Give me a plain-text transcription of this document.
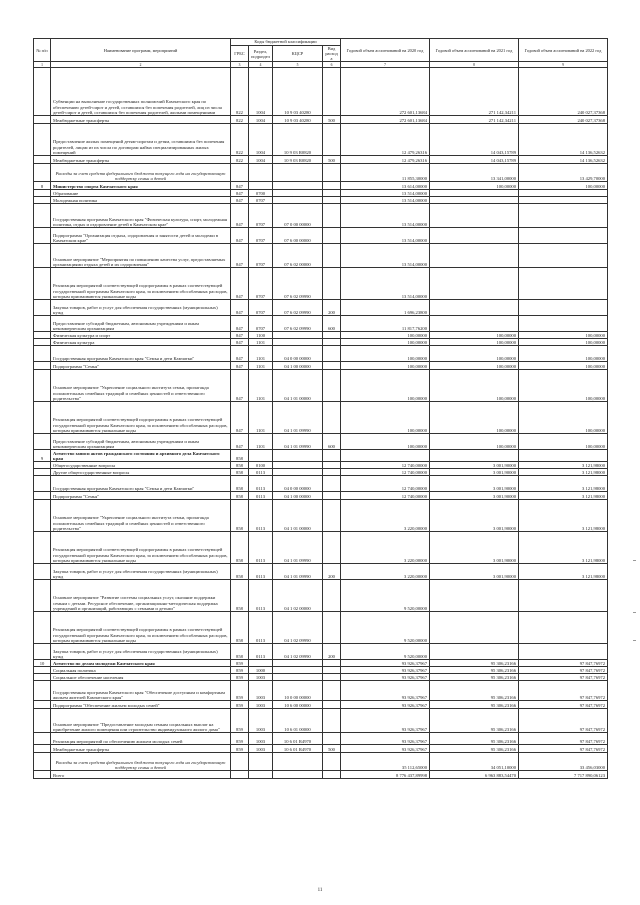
№ п/п	Наименование программ, мероприятий	Коды бюджетной классификации				Годовой объем ассигнований на 2020 год	Годовой объем ассигнований на 2021 год	Годовой объем ассигнований на 2022 год
		ГРБС	Раздел, подраздел	КЦСР	Вид расхода			
1	2	3	4	5	6	7	8	9
	Субвенции на выполнение государственных полномочий Камчатского края по обеспечению детей-сирот и детей, оставшихся без попечения родителей, лиц из числа детей-сирот и детей, оставшихся без попечения родителей, жилыми помещениями	822	1004	10 9 03 40280		272 601,13684	271 142,34211	240 027,37368
	Межбюджетные трансферты	822	1004	10 9 03 40280	500	272 601,13684	271 142,34211	240 027,37368
	Предоставление жилых помещений детям-сиротам и детям, оставшимся без попечения родителей, лицам из их числа по договорам найма специализированных жилых помещений	822	1004	10 9 03 R0820		12 479,26316	14 043,15789	14 136,52632
	Межбюджетные трансферты	822	1004	10 9 03 R0820	500	12 479,26316	14 043,15789	14 136,52632
	Расходы за счет средств федерального бюджета текущего года на государственную поддержку семьи и детей					11 855,30000	13 341,00000	13 429,70000
8	Министерство спорта Камчатского края	847				13 614,00000	100,00000	100,00000
	Образование	847	0700			13 514,00000		
	Молодежная политика	847	0707			13 514,00000		
	Государственная программа Камчатского края "Физическая культура, спорт, молодежная политика, отдых и оздоровление детей в Камчатском крае"	847	0707	07 0 00 00000		13 514,00000		
	Подпрограмма "Организация отдыха, оздоровления и занятости детей и молодежи в Камчатском крае"	847	0707	07 6 00 00000		13 514,00000		
	Основное мероприятие "Мероприятия по повышению качества услуг, предоставляемых организациями отдыха детей и их оздоровления"	847	0707	07 6 02 00000		13 514,00000		
	Реализация мероприятий соответствующей подпрограммы в рамках соответствующей государственной программы Камчатского края, за исключением обособленных расходов, которым присваиваются уникальные коды	847	0707	07 6 02 09990		13 514,00000		
	Закупка товаров, работ и услуг для обеспечения государственных (муниципальных) нужд	847	0707	07 6 02 09990	200	1 696,23800		
	Предоставление субсидий бюджетным, автономным учреждениям и иным некоммерческим организациям	847	0707	07 6 02 09990	600	11 817,76200		
	Физическая культура и спорт	847	1100			100,00000	100,00000	100,00000
	Физическая культура	847	1101			100,00000	100,00000	100,00000
	Государственная программа Камчатского края "Семья и дети Камчатки"	847	1101	04 0 00 00000		100,00000	100,00000	100,00000
	Подпрограмма "Семья"	847	1101	04 1 00 00000		100,00000	100,00000	100,00000
	Основное мероприятие "Укрепление социального института семьи, пропаганда положительных семейных традиций и семейных ценностей и ответственного родительства"	847	1101	04 1 01 00000		100,00000	100,00000	100,00000
	Реализация мероприятий соответствующей подпрограммы в рамках соответствующей государственной программы Камчатского края, за исключением обособленных расходов, которым присваиваются уникальные коды	847	1101	04 1 01 09990		100,00000	100,00000	100,00000
	Предоставление субсидий бюджетным, автономным учреждениям и иным некоммерческим организациям	847	1101	04 1 01 09990	600	100,00000	100,00000	100,00000
9	Агентство записи актов гражданского состояния и архивного дела Камчатского края	858						
	Общегосударственные вопросы	858	0100			12 740,00000	3 001,90000	3 121,98000
	Другие общегосударственные вопросы	858	0113			12 740,00000	3 001,90000	3 121,98000
	Государственная программа Камчатского края "Семья и дети Камчатки"	858	0113	04 0 00 00000		12 740,00000	3 001,90000	3 121,98000
	Подпрограмма "Семья"	858	0113	04 1 00 00000		12 740,00000	3 001,90000	3 121,98000
	Основное мероприятие "Укрепление социального института семьи, пропаганда положительных семейных традиций и семейных ценностей и ответственного родительства"	858	0113	04 1 01 00000		3 220,00000	3 001,90000	3 121,98000
	Реализация мероприятий соответствующей подпрограммы в рамках соответствующей государственной программы Камчатского края, за исключением обособленных расходов, которым присваиваются уникальные коды	858	0113	04 1 01 09990		3 220,00000	3 001,90000	3 121,98000
	Закупка товаров, работ и услуг для обеспечения государственных (муниципальных) нужд	858	0113	04 1 01 09990	200	3 220,00000	3 001,90000	3 121,98000
	Основное мероприятие "Развитие системы социальных услуг, оказание поддержки семьям с детьми. Ресурсное обеспечение, организационно-методическая поддержка учреждений и организаций, работающих с семьями и детьми"	858	0113	04 1 02 00000		9 520,00000		
	Реализация мероприятий соответствующей подпрограммы в рамках соответствующей государственной программы Камчатского края, за исключением обособленных расходов, которым присваиваются уникальные коды	858	0113	04 1 02 09990		9 520,00000		
	Закупка товаров, работ и услуг для обеспечения государственных (муниципальных) нужд	858	0113	04 1 02 09990	200	9 520,00000		
10	Агентство по делам молодежи Камчатского края	859				93 926,37967	95 306,23166	97 847,76972
	Социальная политика	859	1000			93 926,37967	95 306,23166	97 847,76972
	Социальное обеспечение населения	859	1003			93 926,37967	95 306,23166	97 847,76972
	Государственная программа Камчатского края "Обеспечение доступным и комфортным жильем жителей Камчатского края"	859	1003	10 0 00 00000		93 926,37967	95 306,23166	97 847,76972
	Подпрограмма "Обеспечение жильем молодых семей"	859	1003	10 6 00 00000		93 926,37967	95 306,23166	97 847,76972
	Основное мероприятие "Предоставление молодым семьям социальных выплат на приобретение жилого помещения или строительство индивидуального жилого дома"	859	1003	10 6 01 00000		93 926,37967	95 306,23166	97 847,76972
	Реализация мероприятий по обеспечению жильем молодых семей	859	1003	10 6 01 R4970		93 926,37967	95 306,23166	97 847,76972
	Межбюджетные трансферты	859	1003	10 6 01 R4970	500	93 926,37967	95 306,23166	97 847,76972
	Расходы за счет средств федерального бюджета текущего года на государственную поддержку семьи и детей					35 112,65000	34 051,10000	33 456,03000
	Всего					8 776 437,89998	6 963 883,54470	7 717 890,06123
11
